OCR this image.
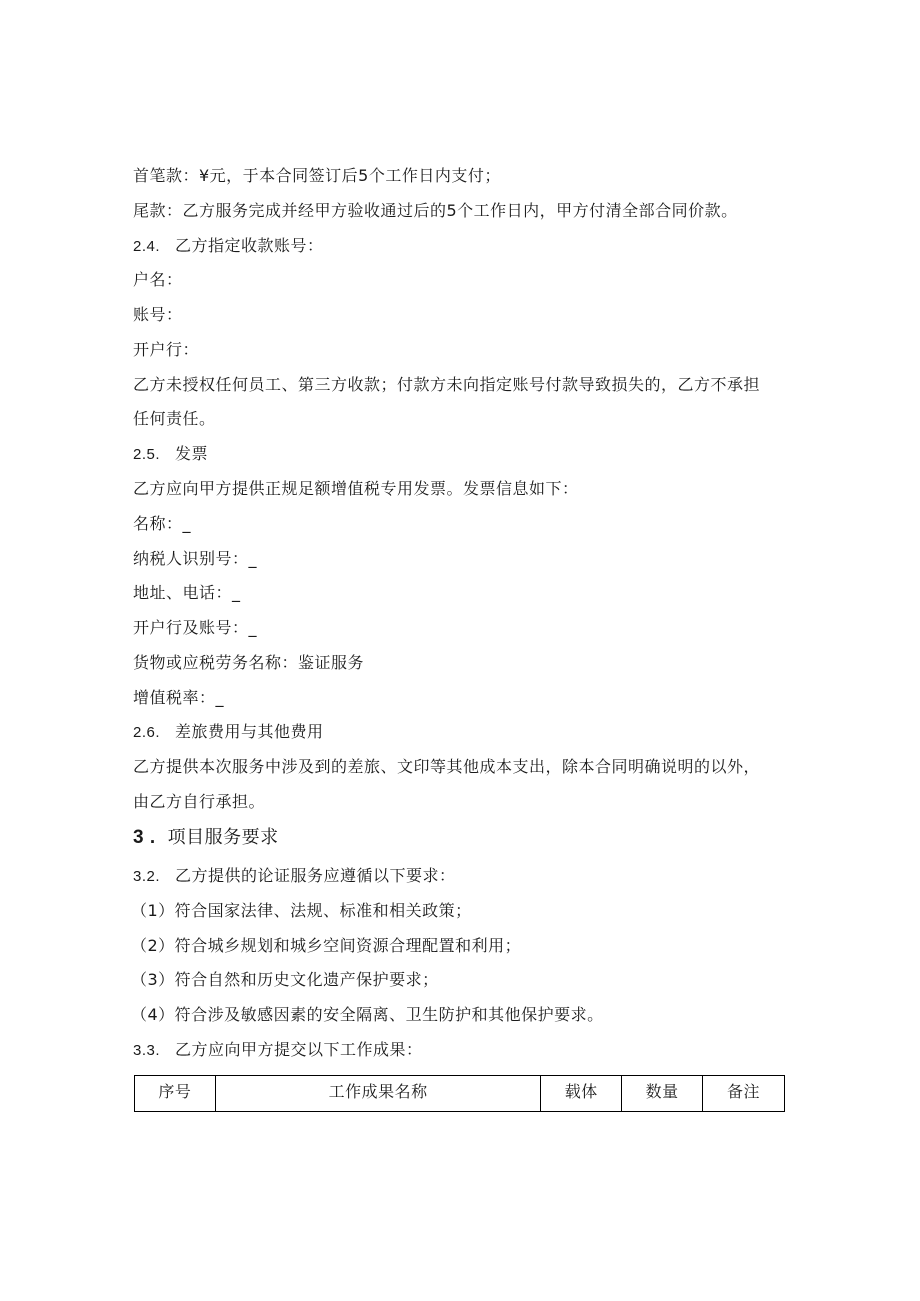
首笔款：¥元，于本合同签订后5个工作日内支付；
尾款：乙方服务完成并经甲方验收通过后的5个工作日内，甲方付清全部合同价款。
2.4. 乙方指定收款账号：
户名：
账号：
开户行：
乙方未授权任何员工、第三方收款；付款方未向指定账号付款导致损失的，乙方不承担
任何责任。
2.5. 发票
乙方应向甲方提供正规足额增值税专用发票。发票信息如下：
名称：_
纳税人识别号：_
地址、电话：_
开户行及账号：_
货物或应税劳务名称：鉴证服务
增值税率：_
2.6. 差旅费用与其他费用
乙方提供本次服务中涉及到的差旅、文印等其他成本支出，除本合同明确说明的以外，
由乙方自行承担。
3 . 项目服务要求
3.2. 乙方提供的论证服务应遵循以下要求：
（1）符合国家法律、法规、标准和相关政策；
（2）符合城乡规划和城乡空间资源合理配置和利用；
（3）符合自然和历史文化遗产保护要求；
（4）符合涉及敏感因素的安全隔离、卫生防护和其他保护要求。
3.3. 乙方应向甲方提交以下工作成果：
序号	工作成果名称	载体	数量	备注
